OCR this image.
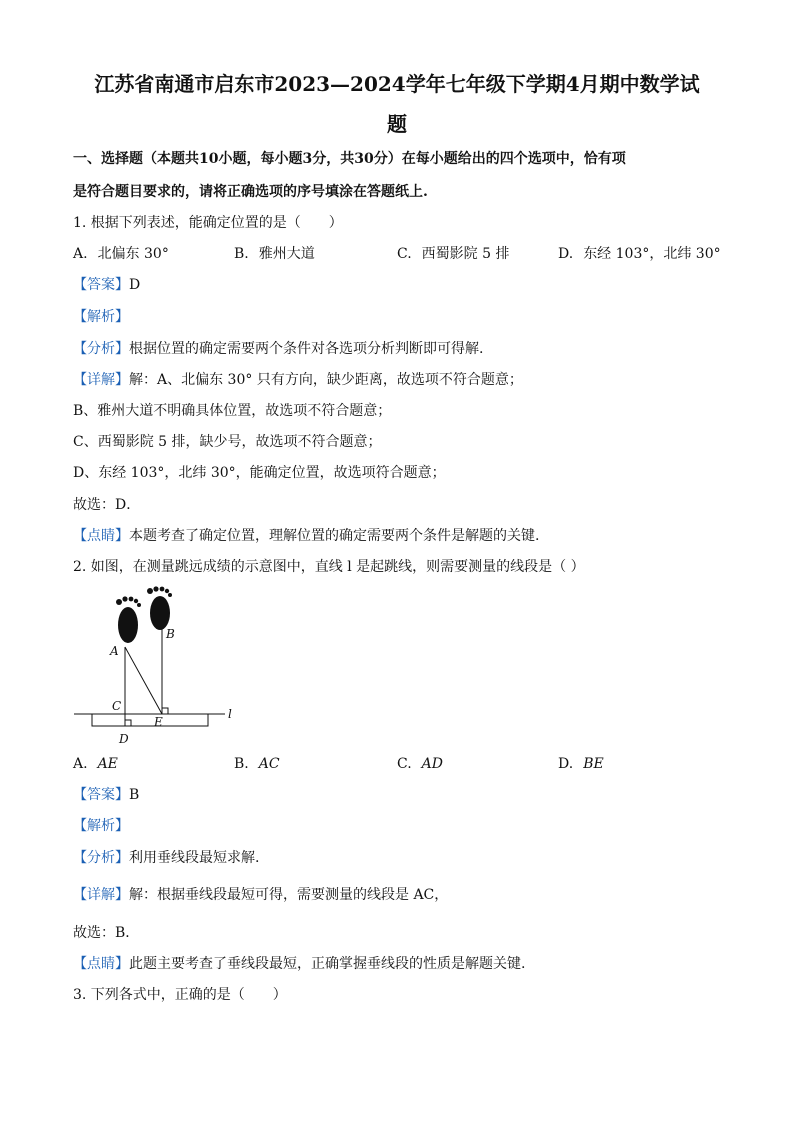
江苏省南通市启东市2023—2024学年七年级下学期4月期中数学试
题
一、选择题（本题共10小题，每小题3分，共30分）在每小题给出的四个选项中，恰有项
是符合题目要求的，请将正确选项的序号填涂在答题纸上.
1. 根据下列表述，能确定位置的是（　　）
A. 北偏东 30°	B. 雅州大道	C. 西蜀影院 5 排	D. 东经 103°，北纬 30°
【答案】D
【解析】
【分析】根据位置的确定需要两个条件对各选项分析判断即可得解.
【详解】解：A、北偏东 30° 只有方向，缺少距离，故选项不符合题意；
B、雅州大道不明确具体位置，故选项不符合题意；
C、西蜀影院 5 排，缺少号，故选项不符合题意；
D、东经 103°，北纬 30°，能确定位置，故选项符合题意；
故选：D．
【点睛】本题考查了确定位置，理解位置的确定需要两个条件是解题的关键.
2. 如图，在测量跳远成绩的示意图中，直线 l 是起跳线，则需要测量的线段是（ ）
A
B
C
E
D
l
A. AE	B. AC	C. AD	D. BE
【答案】B
【解析】
【分析】利用垂线段最短求解.
【详解】解：根据垂线段最短可得，需要测量的线段是 AC，
故选：B．
【点睛】此题主要考查了垂线段最短，正确掌握垂线段的性质是解题关键.
3. 下列各式中，正确的是（　　）
